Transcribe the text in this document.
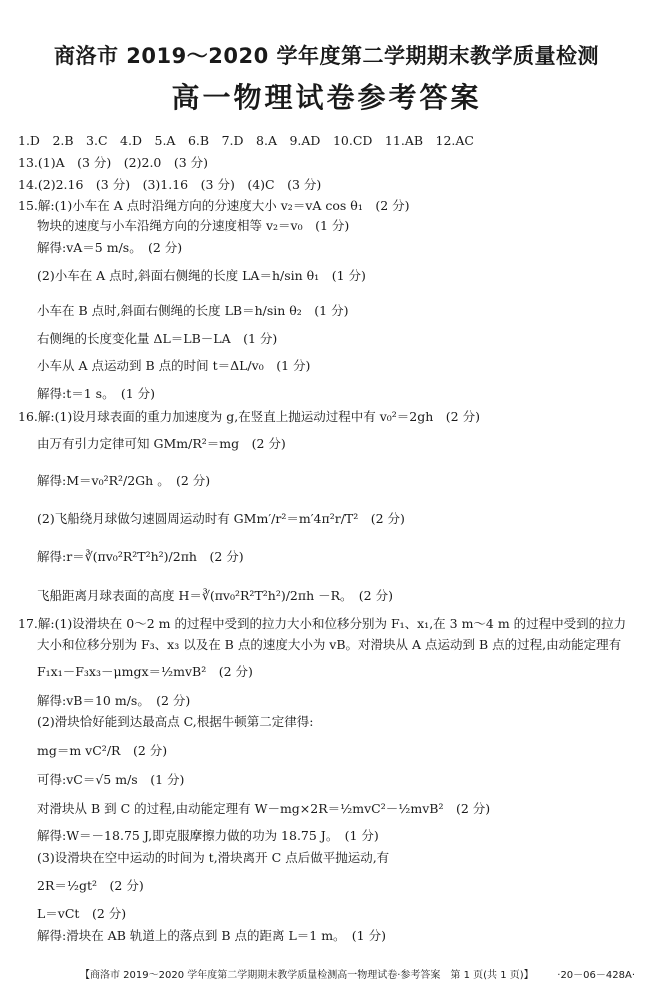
商洛市 2019～2020 学年度第二学期期末教学质量检测
高一物理试卷参考答案
1.D　2.B　3.C　4.D　5.A　6.B　7.D　8.A　9.AD　10.CD　11.AB　12.AC
13.(1)A　(3 分)　(2)2.0　(3 分)
14.(2)2.16　(3 分)　(3)1.16　(3 分)　(4)C　(3 分)
15.解:(1)小车在 A 点时沿绳方向的分速度大小 v₂＝vA cos θ₁　(2 分)
物块的速度与小车沿绳方向的分速度相等 v₂＝v₀　(1 分)
解得:vA＝5 m/s。　(2 分)
(2)小车在 A 点时,斜面右侧绳的长度 LA＝h/sin θ₁　(1 分)
小车在 B 点时,斜面右侧绳的长度 LB＝h/sin θ₂　(1 分)
右侧绳的长度变化量 ΔL＝LB－LA　(1 分)
小车从 A 点运动到 B 点的时间 t＝ΔL/v₀　(1 分)
解得:t＝1 s。　(1 分)
16.解:(1)设月球表面的重力加速度为 g,在竖直上抛运动过程中有 v₀²＝2gh　(2 分)
由万有引力定律可知 GMm/R²＝mg　(2 分)
解得:M＝v₀²R²/2Gh 。　(2 分)
(2)飞船绕月球做匀速圆周运动时有 GMm′/r²＝m′4π²r/T²　(2 分)
解得:r＝∛(πv₀²R²T²h²)/2πh　(2 分)
飞船距离月球表面的高度 H＝∛(πv₀²R²T²h²)/2πh －R。　(2 分)
17.解:(1)设滑块在 0～2 m 的过程中受到的拉力大小和位移分别为 F₁、x₁,在 3 m～4 m 的过程中受到的拉力
大小和位移分别为 F₃、x₃ 以及在 B 点的速度大小为 vB。对滑块从 A 点运动到 B 点的过程,由动能定理有
F₁x₁－F₃x₃－μmgx＝½mvB²　(2 分)
解得:vB＝10 m/s。　(2 分)
(2)滑块恰好能到达最高点 C,根据牛顿第二定律得:
mg＝m vC²/R　(2 分)
可得:vC＝√5 m/s　(1 分)
对滑块从 B 到 C 的过程,由动能定理有 W－mg×2R＝½mvC²－½mvB²　(2 分)
解得:W＝－18.75 J,即克服摩擦力做的功为 18.75 J。　(1 分)
(3)设滑块在空中运动的时间为 t,滑块离开 C 点后做平抛运动,有
2R＝½gt²　(2 分)
L＝vCt　(2 分)
解得:滑块在 AB 轨道上的落点到 B 点的距离 L＝1 m。　(1 分)
【商洛市 2019～2020 学年度第二学期期末教学质量检测高一物理试卷·参考答案　第 1 页(共 1 页)】 ·20－06－428A·
